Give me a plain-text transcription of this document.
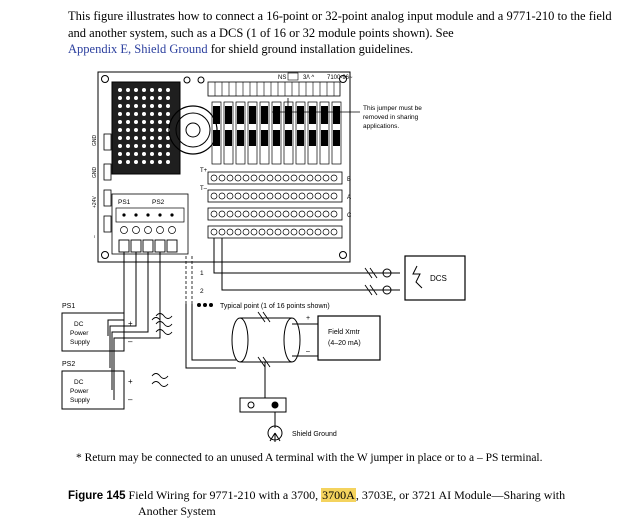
This figure illustrates how to connect a 16-point or 32-point analog input module and a 9771-210 to the field and another system, such as a DCS (1 of 16 or 32 module points shown). See
Appendix E, Shield Ground for shield ground installation guidelines.
NS	3/\ ^ 7100-96~
This jumper must be
removed in sharing
applications.
T+
T–
B
A
C
PS1	PS2
GND
GND
+24V
–
1
2
DCS
Typical point (1 of 16 points shown)
PS1
DC
Power
Supply
+
–
PS2
DC
Power
Supply
+
–
+
–
Field Xmtr
(4–20 mA)
Shield Ground
* Return may be connected to an unused A terminal with the W jumper in place or to a – PS terminal.
Figure 145 Field Wiring for 9771-210 with a 3700, 3700A, 3703E, or 3721 AI Module—Sharing with
Another System
